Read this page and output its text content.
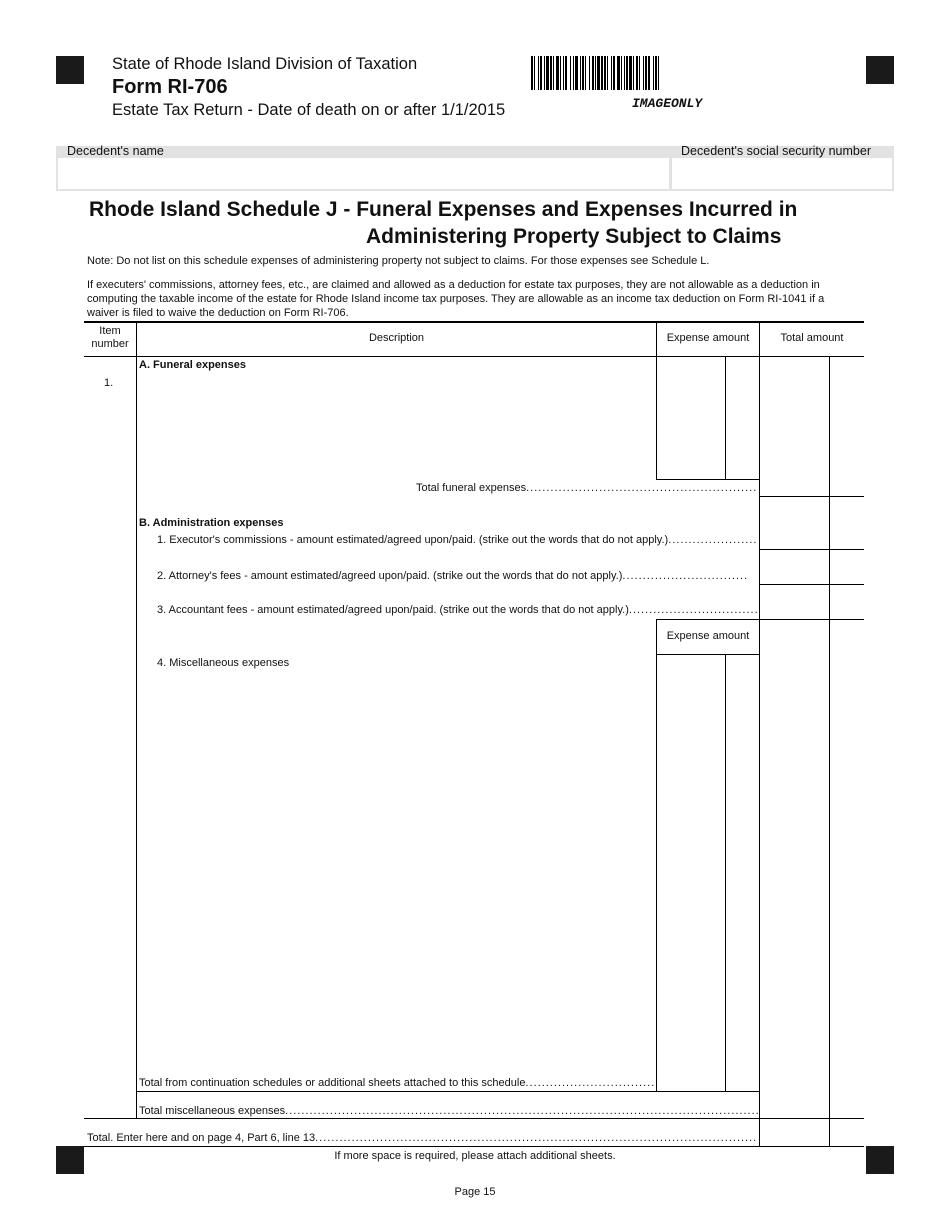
State of Rhode Island Division of Taxation
Form RI-706
Estate Tax Return - Date of death on or after 1/1/2015	IMAGEONLY
Decedent's name	Decedent's social security number
Rhode Island Schedule J - Funeral Expenses and Expenses Incurred in
Administering Property Subject to Claims
Note: Do not list on this schedule expenses of administering property not subject to claims. For those expenses see Schedule L.
If executers' commissions, attorney fees, etc., are claimed and allowed as a deduction for estate tax purposes, they are not allowable as a deduction in
computing the taxable income of the estate for Rhode Island income tax purposes. They are allowable as an income tax deduction on Form RI-1041 if a
waiver is filed to waive the deduction on Form RI-706.
Item number	Description	Expense amount	Total amount
A. Funeral expenses
1.
Total funeral expenses .....
B. Administration expenses
1. Executor's commissions - amount estimated/agreed upon/paid. (strike out the words that do not apply.) .....
2. Attorney's fees - amount estimated/agreed upon/paid. (strike out the words that do not apply.) .....
3. Accountant fees - amount estimated/agreed upon/paid. (strike out the words that do not apply.) .....
Expense amount
4. Miscellaneous expenses
Total from continuation schedules or additional sheets attached to this schedule .....
Total miscellaneous expenses .....
Total. Enter here and on page 4, Part 6, line 13 .....
If more space is required, please attach additional sheets.
Page 15
